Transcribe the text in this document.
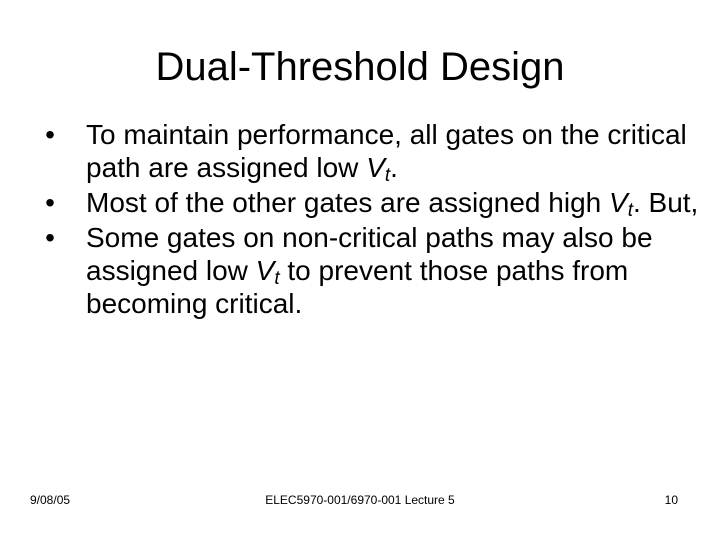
Dual-Threshold Design
• To maintain performance, all gates on the critical path are assigned low $V_t$.
• Most of the other gates are assigned high $V_t$. But,
• Some gates on non-critical paths may also be assigned low $V_t$ to prevent those paths from becoming critical.
9/08/05	ELEC5970-001/6970-001 Lecture 5	10
